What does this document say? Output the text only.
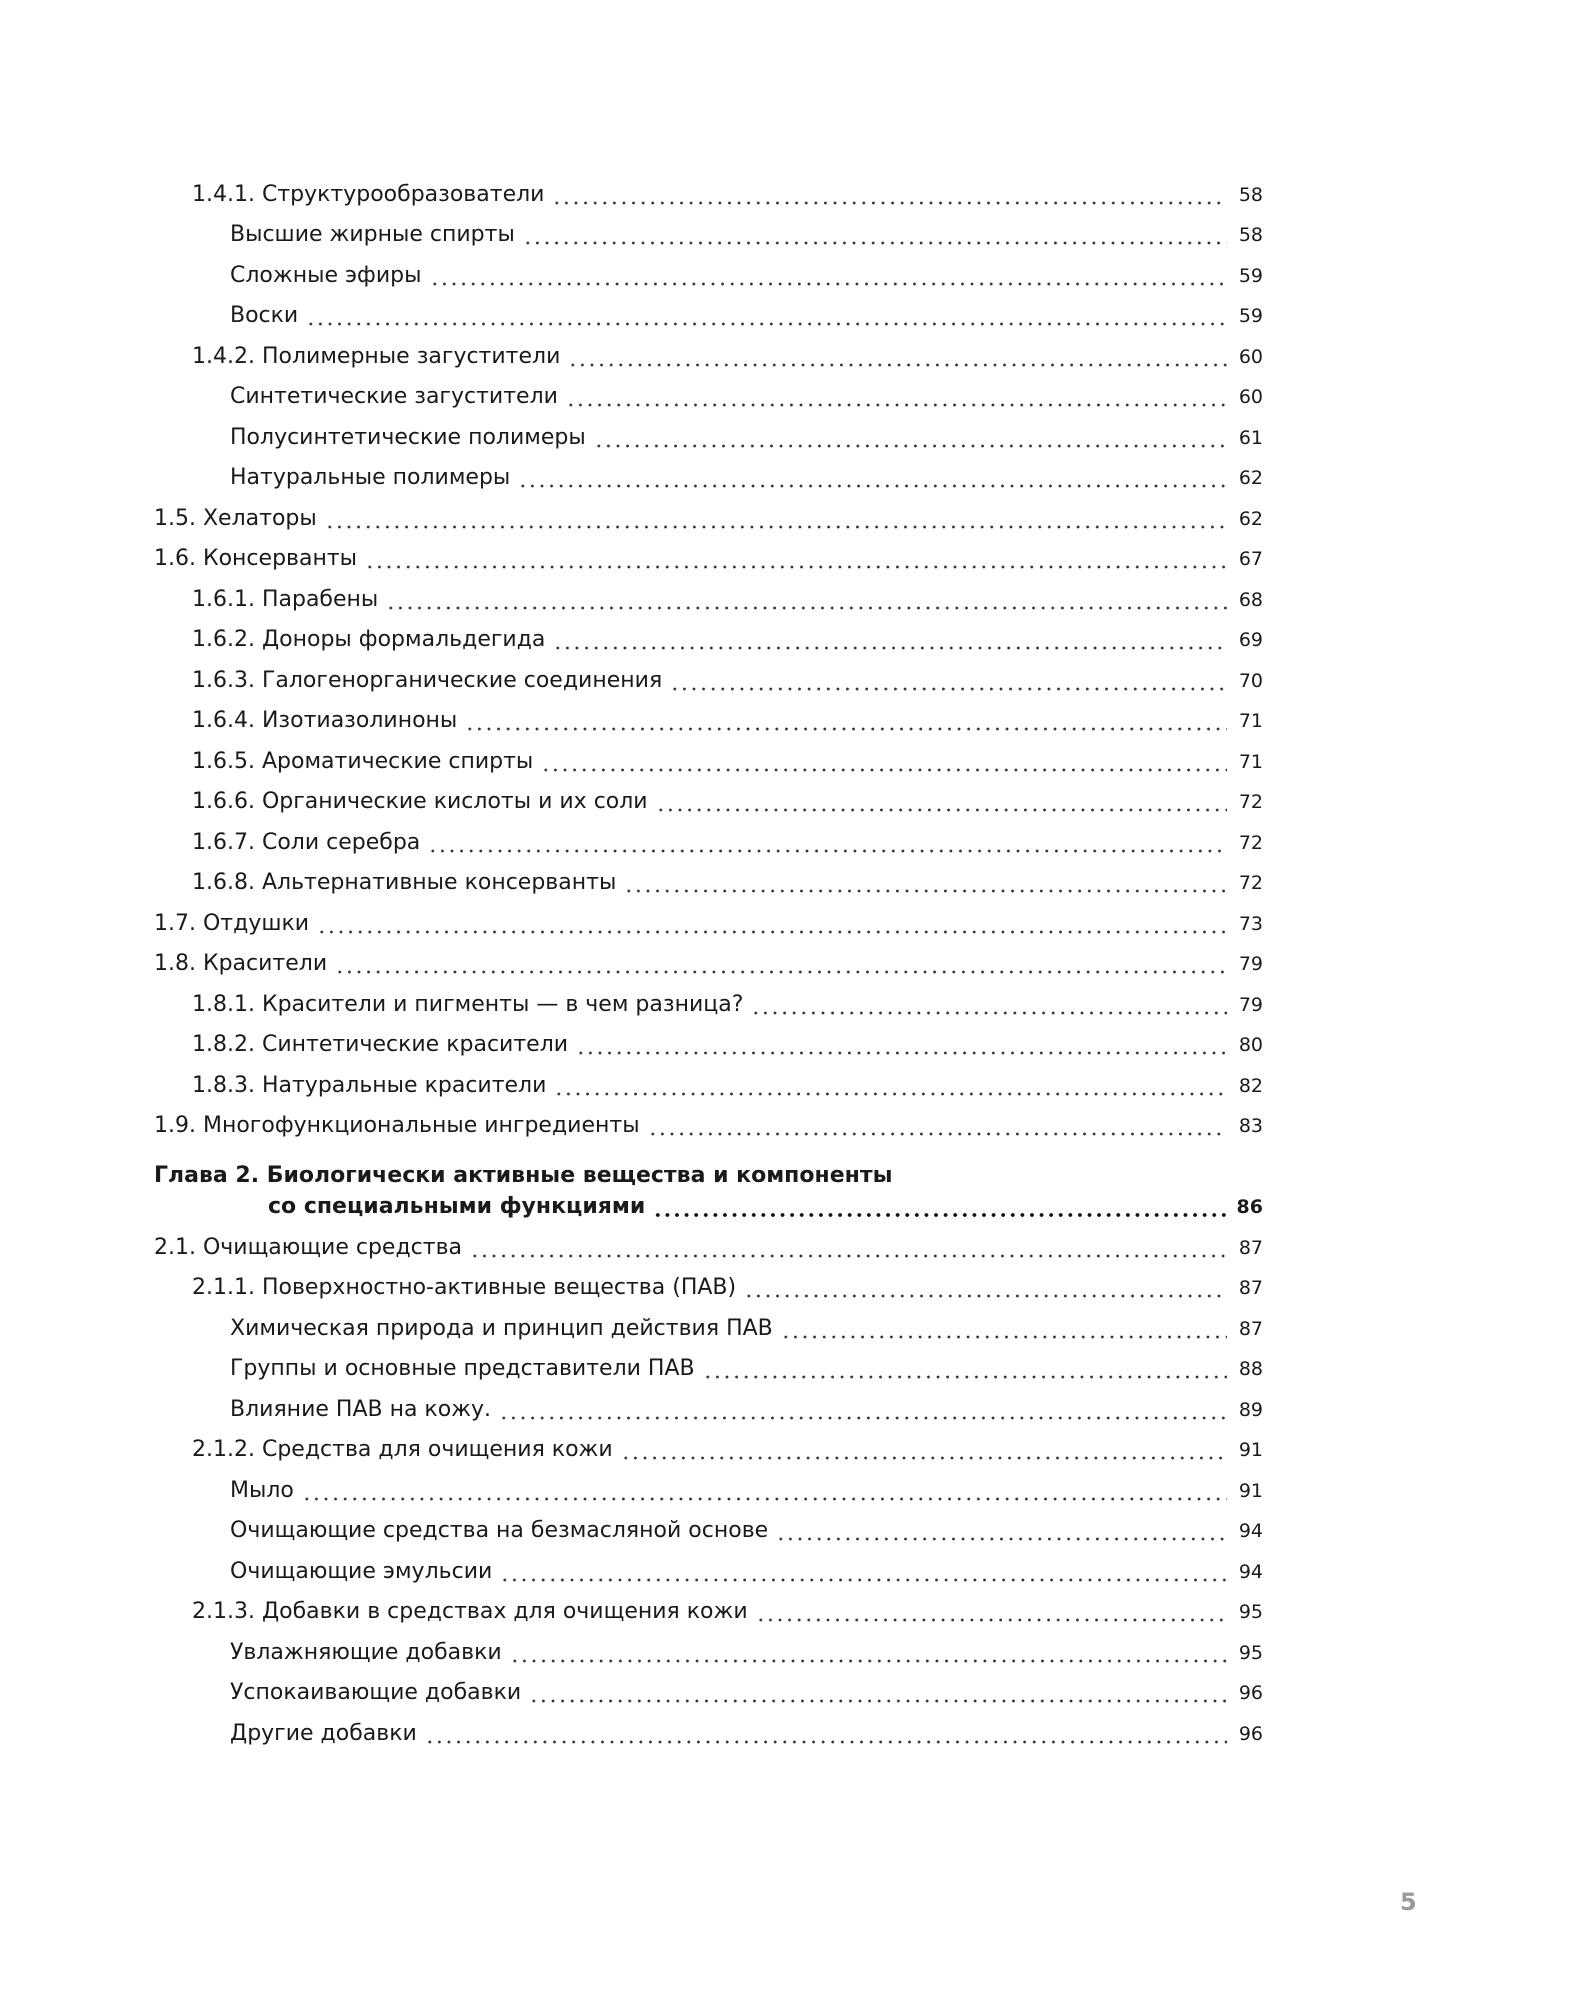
1.4.1. Структурообразователи	58
Высшие жирные спирты	58
Сложные эфиры	59
Воски	59
1.4.2. Полимерные загустители	60
Синтетические загустители	60
Полусинтетические полимеры	61
Натуральные полимеры	62
1.5. Хелаторы	62
1.6. Консерванты	67
1.6.1. Парабены	68
1.6.2. Доноры формальдегида	69
1.6.3. Галогенорганические соединения	70
1.6.4. Изотиазолиноны	71
1.6.5. Ароматические спирты	71
1.6.6. Органические кислоты и их соли	72
1.6.7. Соли серебра	72
1.6.8. Альтернативные консерванты	72
1.7. Отдушки	73
1.8. Красители	79
1.8.1. Красители и пигменты — в чем разница?	79
1.8.2. Синтетические красители	80
1.8.3. Натуральные красители	82
1.9. Многофункциональные ингредиенты	83
Глава 2. Биологически активные вещества и компоненты
со специальными функциями	86
2.1. Очищающие средства	87
2.1.1. Поверхностно-активные вещества (ПАВ)	87
Химическая природа и принцип действия ПАВ	87
Группы и основные представители ПАВ	88
Влияние ПАВ на кожу.	89
2.1.2. Средства для очищения кожи	91
Мыло	91
Очищающие средства на безмасляной основе	94
Очищающие эмульсии	94
2.1.3. Добавки в средствах для очищения кожи	95
Увлажняющие добавки	95
Успокаивающие добавки	96
Другие добавки	96
5
